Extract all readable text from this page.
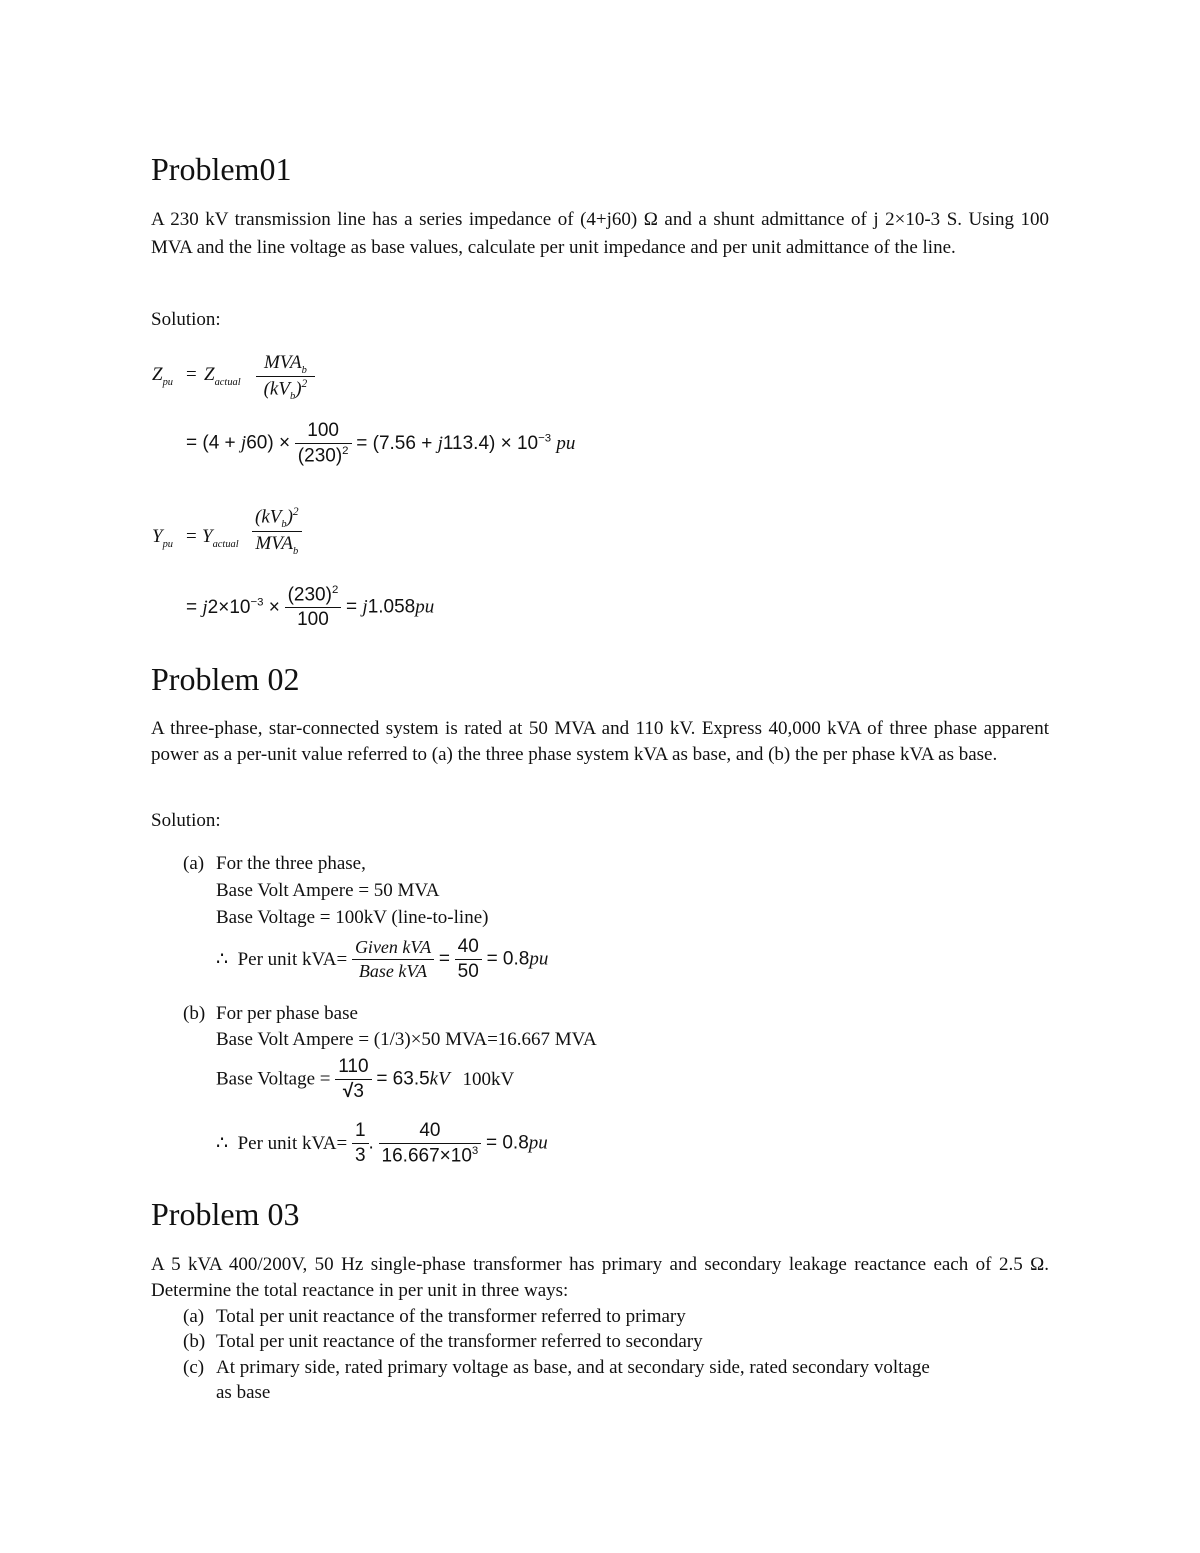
Problem01
A 230 kV transmission line has a series impedance of (4+j60) Ω and a shunt admittance of j 2×10-3 S. Using 100 MVA and the line voltage as base values, calculate per unit impedance and per unit admittance of the line.
Solution:
$Z_{pu} = Z_{actual}$
$MVA_b$
$(kV_b)^2$
= $(4 + j60) \times \frac{100}{(230)^2} = (7.56 + j113.4) \times 10^{-3}$ pu
$Y_{pu} = Y_{actual}$
$(kV_b)^2$
$MVA_b$
= $j2\times 10^{-3} \times \frac{(230)^2}{100} = j1.058pu$
Problem 02
A three-phase, star-connected system is rated at 50 MVA and 110 kV. Express 40,000 kVA of three phase apparent power as a per-unit value referred to (a) the three phase system kVA as base, and (b) the per phase kVA as base.
Solution:
(a) For the three phase,
Base Volt Ampere = 50 MVA
Base Voltage = 100kV (line-to-line)
∴ Per unit $kVA= \frac{\text{Given kVA}}{\text{Base kVA}} = \frac{40}{50} = 0.8pu$
(b) For per phase base
Base Volt Ampere = (1/3)×50 MVA=16.667 MVA
Base Voltage = $\frac{110}{√3} = 63.5kV$ 100kV
∴ Per unit $kVA= \frac{1}{3}$ . $\frac{40}{16.667\times 10^3} = 0.8pu$
Problem 03
A 5 kVA 400/200V, 50 Hz single-phase transformer has primary and secondary leakage reactance each of 2.5 Ω. Determine the total reactance in per unit in three ways:
(a) Total per unit reactance of the transformer referred to primary
(b) Total per unit reactance of the transformer referred to secondary
(c) At primary side, rated primary voltage as base, and at secondary side, rated secondary voltage
as base
